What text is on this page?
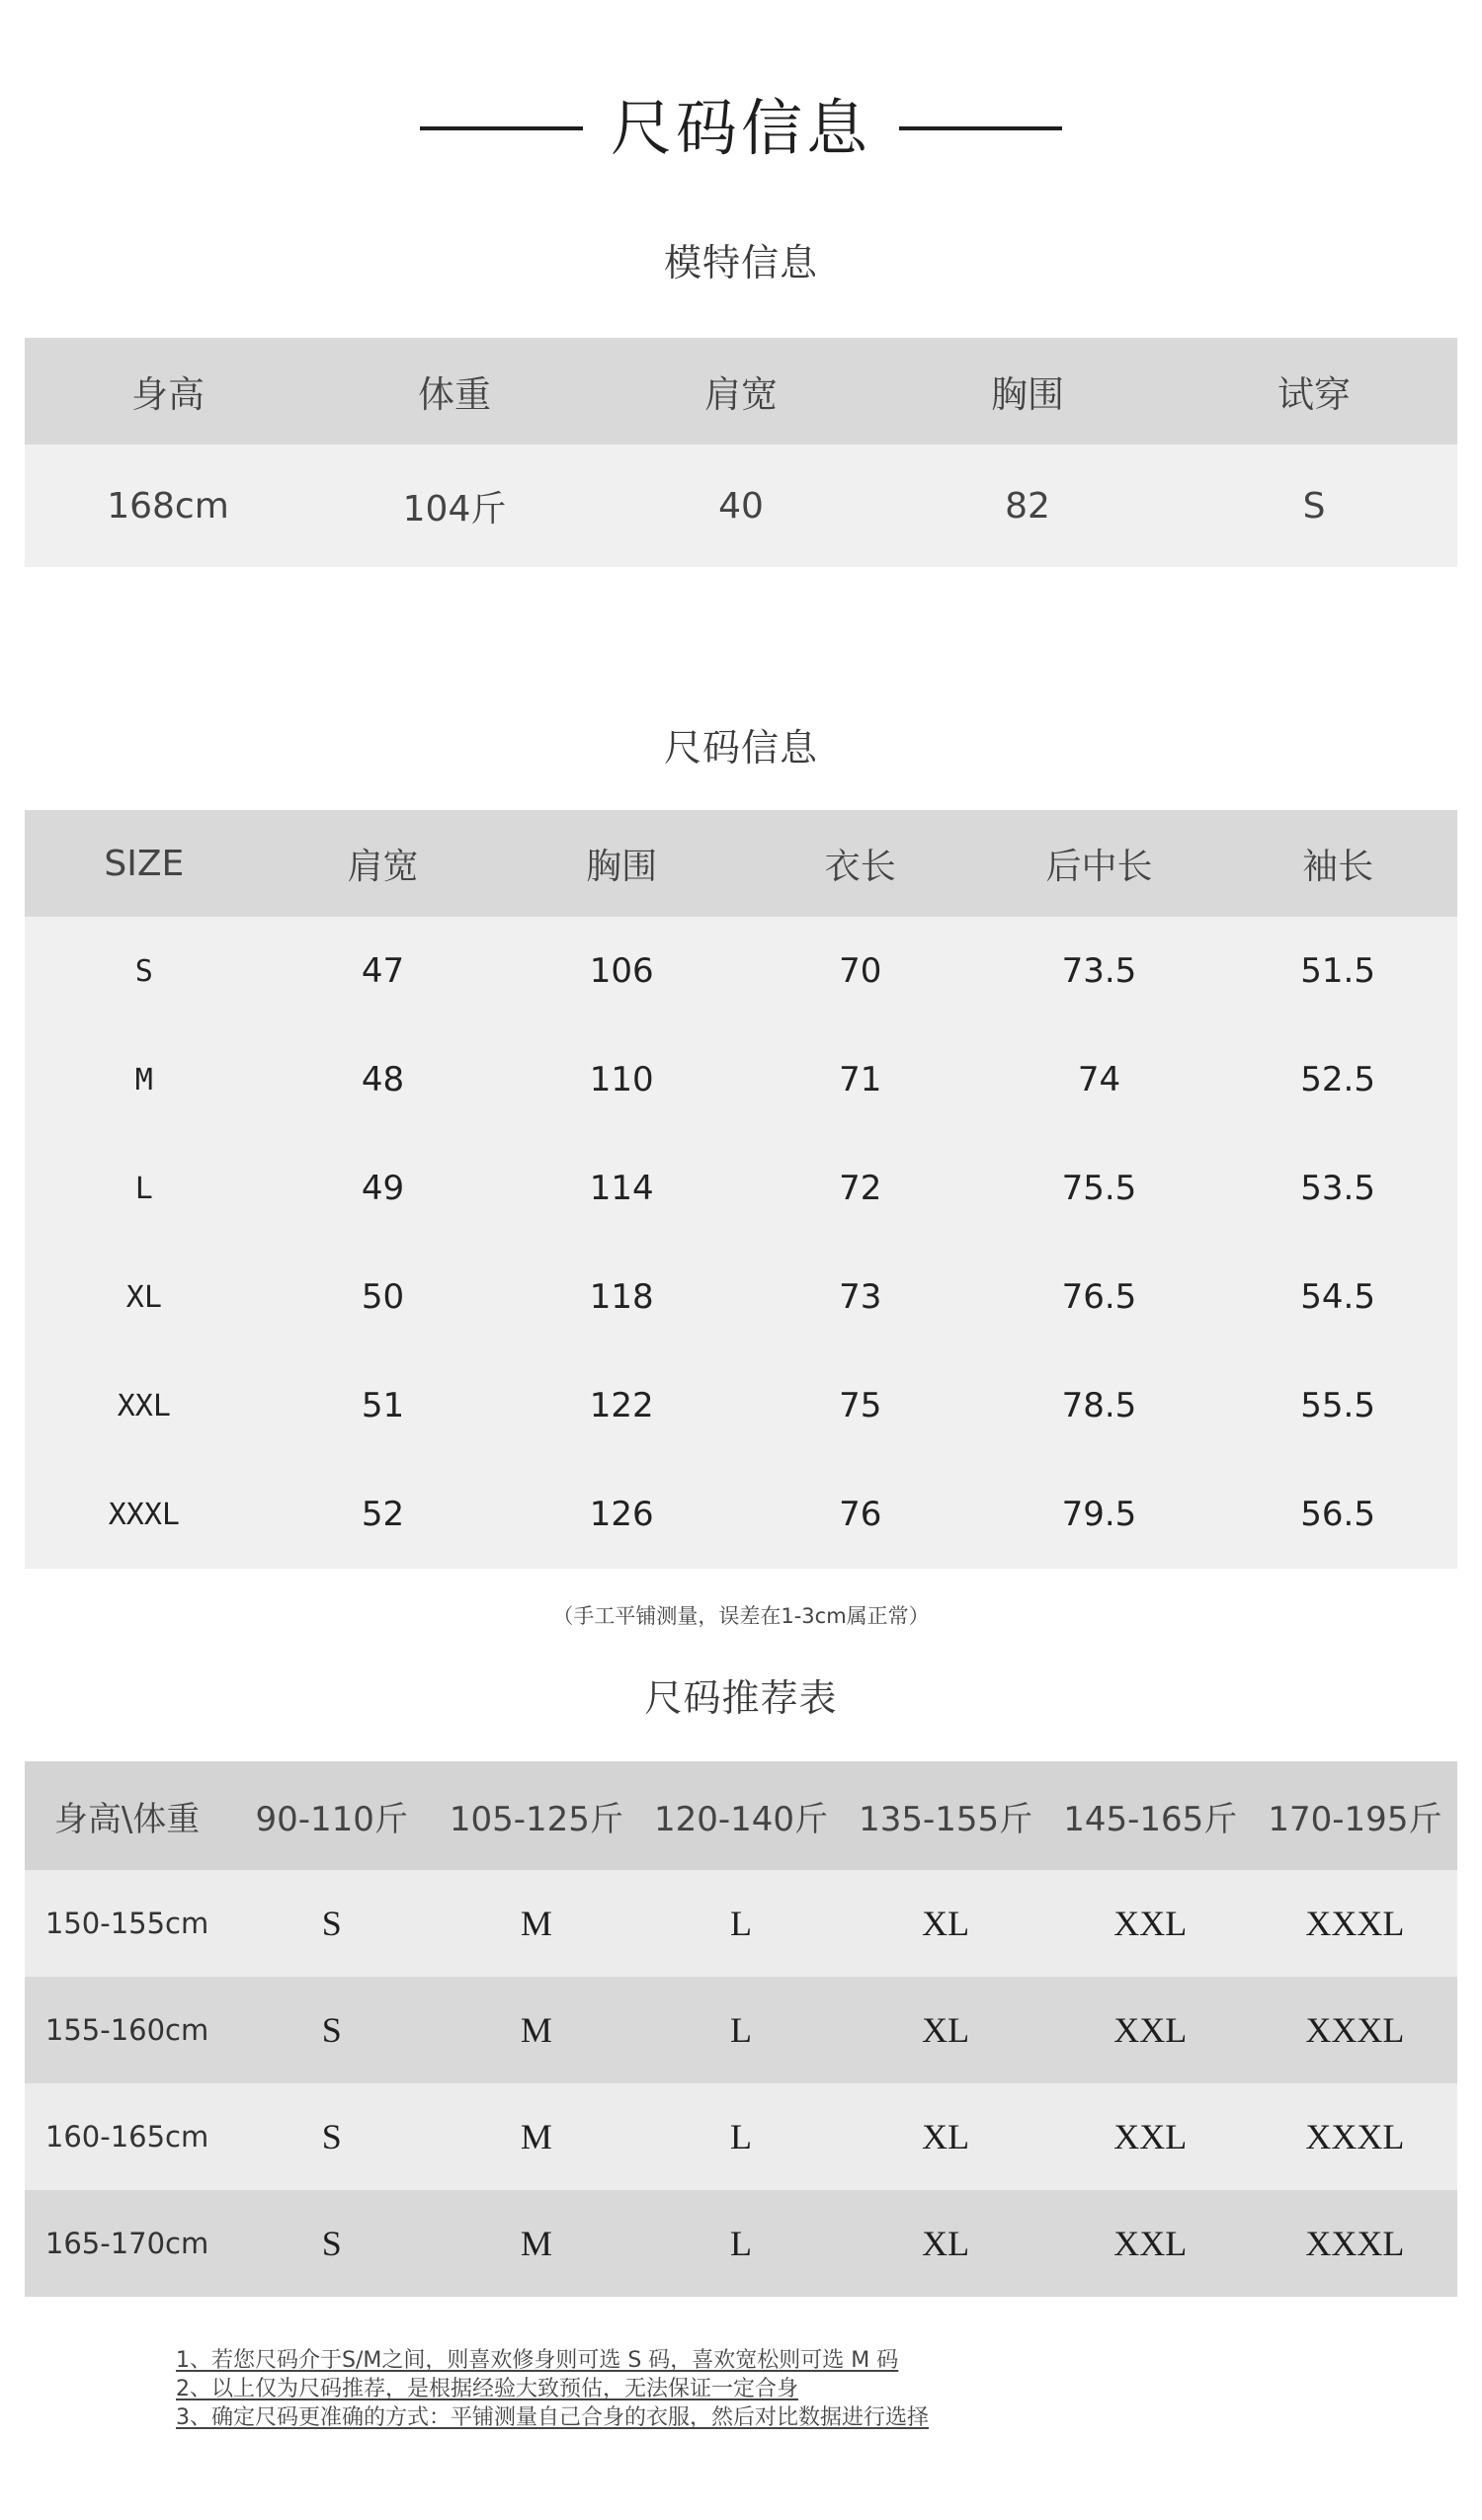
尺码信息
模特信息
身高	体重	肩宽	胸围	试穿
168cm	104斤	40	82	S
尺码信息
SIZE	肩宽	胸围	衣长	后中长	袖长
S	47	106	70	73.5	51.5
M	48	110	71	74	52.5
L	49	114	72	75.5	53.5
XL	50	118	73	76.5	54.5
XXL	51	122	75	78.5	55.5
XXXL	52	126	76	79.5	56.5
（手工平铺测量，误差在1-3cm属正常）
尺码推荐表
身高\体重	90-110斤	105-125斤	120-140斤	135-155斤	145-165斤	170-195斤
150-155cm	S	M	L	XL	XXL	XXXL
155-160cm	S	M	L	XL	XXL	XXXL
160-165cm	S	M	L	XL	XXL	XXXL
165-170cm	S	M	L	XL	XXL	XXXL
1、若您尺码介于S/M之间，则喜欢修身则可选 S 码，喜欢宽松则可选 M 码
2、以上仅为尺码推荐，是根据经验大致预估，无法保证一定合身
3、确定尺码更准确的方式：平铺测量自己合身的衣服，然后对比数据进行选择
